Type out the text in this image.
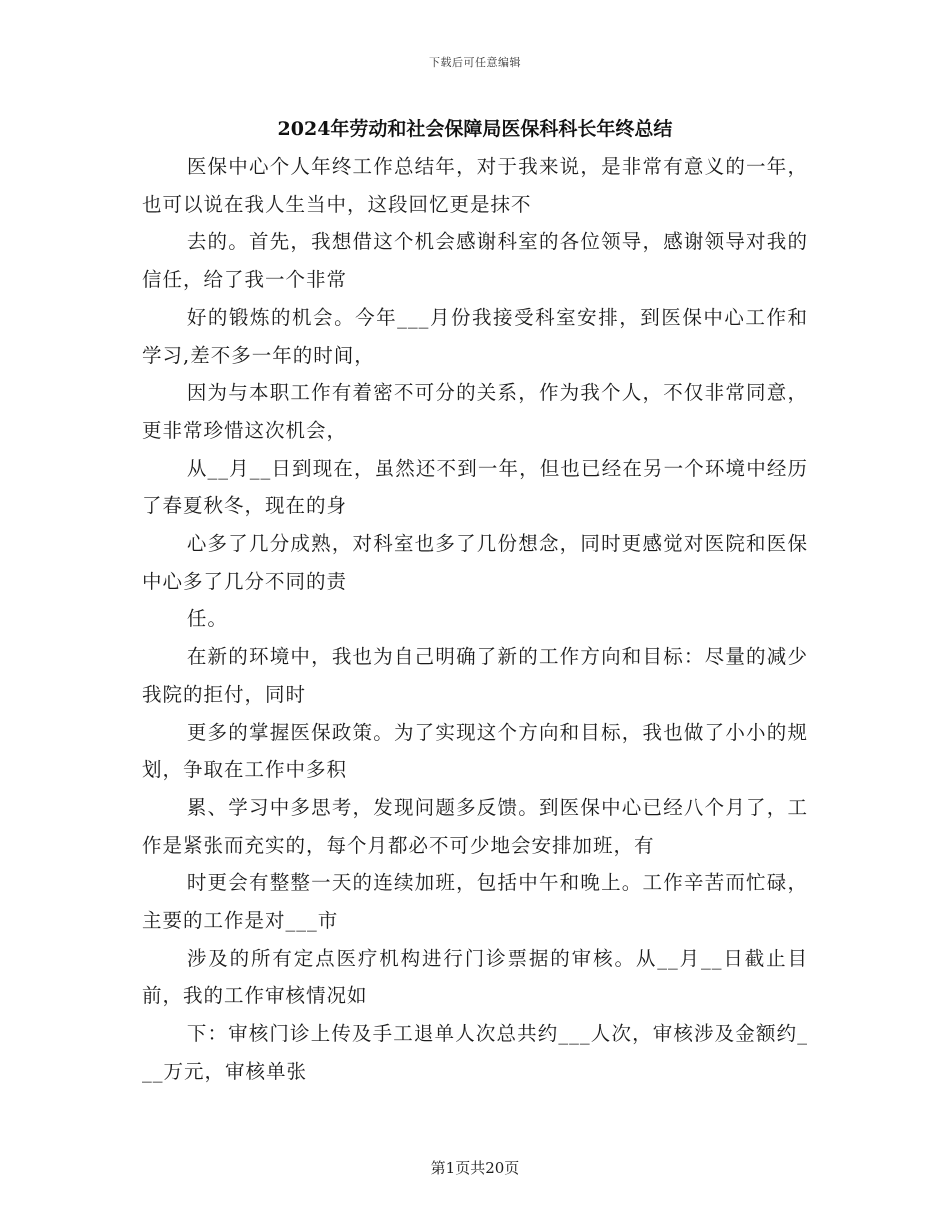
下载后可任意编辑
2024年劳动和社会保障局医保科科长年终总结

医保中心个人年终工作总结年，对于我来说，是非常有意义的一年，也可以说在我人生当中，这段回忆更是抹不

去的。首先，我想借这个机会感谢科室的各位领导，感谢领导对我的信任，给了我一个非常

好的锻炼的机会。今年___月份我接受科室安排，到医保中心工作和学习,差不多一年的时间，

因为与本职工作有着密不可分的关系，作为我个人，不仅非常同意，更非常珍惜这次机会，

从__月__日到现在，虽然还不到一年，但也已经在另一个环境中经历了春夏秋冬，现在的身

心多了几分成熟，对科室也多了几份想念，同时更感觉对医院和医保中心多了几分不同的责

任。

在新的环境中，我也为自己明确了新的工作方向和目标：尽量的减少我院的拒付，同时

更多的掌握医保政策。为了实现这个方向和目标，我也做了小小的规划，争取在工作中多积

累、学习中多思考，发现问题多反馈。到医保中心已经八个月了，工作是紧张而充实的，每个月都必不可少地会安排加班，有

时更会有整整一天的连续加班，包括中午和晚上。工作辛苦而忙碌，主要的工作是对___市

涉及的所有定点医疗机构进行门诊票据的审核。从__月__日截止目前，我的工作审核情况如

下：审核门诊上传及手工退单人次总共约___人次，审核涉及金额约___万元，审核单张

第1页共20页
